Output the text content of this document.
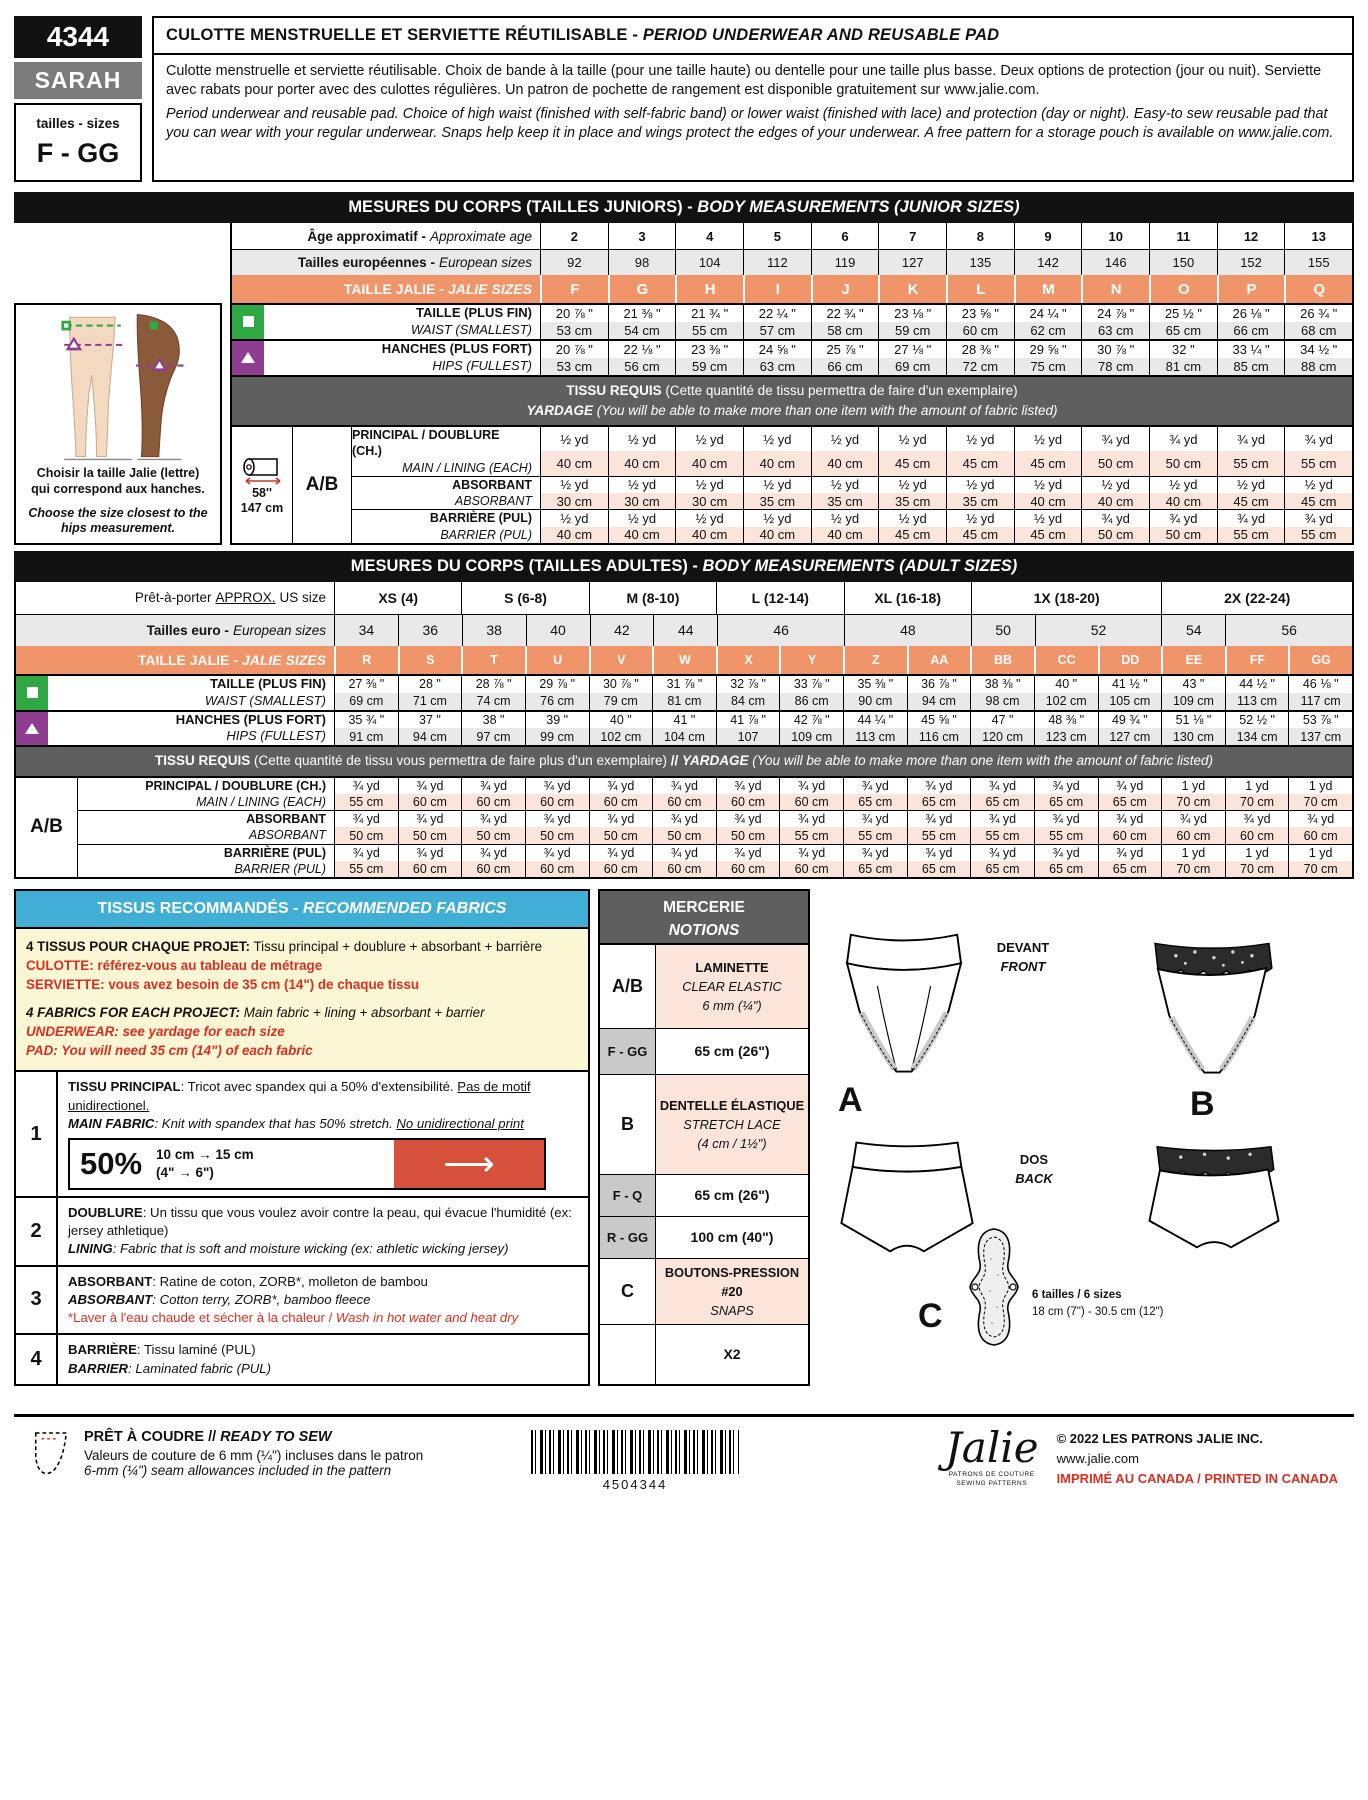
4344
SARAH
tailles - sizes
F - GG
CULOTTE MENSTRUELLE ET SERVIETTE RÉUTILISABLE - PERIOD UNDERWEAR AND REUSABLE PAD
Culotte menstruelle et serviette réutilisable. Choix de bande à la taille (pour une taille haute) ou dentelle pour une taille plus basse. Deux options de protection (jour ou nuit). Serviette avec rabats pour porter avec des culottes régulières. Un patron de pochette de rangement est disponible gratuitement sur www.jalie.com.
Period underwear and reusable pad. Choice of high waist (finished with self-fabric band) or lower waist (finished with lace) and protection (day or night). Easy-to sew reusable pad that you can wear with your regular underwear. Snaps help keep it in place and wings protect the edges of your underwear. A free pattern for a storage pouch is available on www.jalie.com.
MESURES DU CORPS (TAILLES JUNIORS) - BODY MEASUREMENTS (JUNIOR SIZES)
Choisir la taille Jalie (lettre) qui correspond aux hanches.
Choose the size closest to the hips measurement.
Âge approximatif - Approximate age	2	3	4	5	6	7	8	9	10	11	12	13
Tailles européennes - European sizes	92	98	104	112	119	127	135	142	146	150	152	155
TAILLE JALIE - JALIE SIZES	F	G	H	I	J	K	L	M	N	O	P	Q
TAILLE (PLUS FIN)
WAIST (SMALLEST)
20 ⅞ "	21 ⅜ "	21 ¾ "	22 ¼ "	22 ¾ "	23 ⅛ "	23 ⅝ "	24 ¼ "	24 ⅞ "	25 ½ "	26 ⅛ "	26 ¾ "
53 cm	54 cm	55 cm	57 cm	58 cm	59 cm	60 cm	62 cm	63 cm	65 cm	66 cm	68 cm
HANCHES (PLUS FORT)
HIPS (FULLEST)
20 ⅞ "	22 ⅛ "	23 ⅜ "	24 ⅝ "	25 ⅞ "	27 ⅛ "	28 ⅜ "	29 ⅝ "	30 ⅞ "	32 "	33 ¼ "	34 ½ "
53 cm	56 cm	59 cm	63 cm	66 cm	69 cm	72 cm	75 cm	78 cm	81 cm	85 cm	88 cm
TISSU REQUIS (Cette quantité de tissu permettra de faire d'un exemplaire)
YARDAGE (You will be able to make more than one item with the amount of fabric listed)
58''
147 cm
A/B
PRINCIPAL / DOUBLURE (CH.)
MAIN / LINING (EACH)
½ yd	½ yd	½ yd	½ yd	½ yd	½ yd	½ yd	½ yd	¾ yd	¾ yd	¾ yd	¾ yd
40 cm	40 cm	40 cm	40 cm	40 cm	45 cm	45 cm	45 cm	50 cm	50 cm	55 cm	55 cm
ABSORBANT
ABSORBANT
½ yd	½ yd	½ yd	½ yd	½ yd	½ yd	½ yd	½ yd	½ yd	½ yd	½ yd	½ yd
30 cm	30 cm	30 cm	35 cm	35 cm	35 cm	35 cm	40 cm	40 cm	40 cm	45 cm	45 cm
BARRIÈRE (PUL)
BARRIER (PUL)
½ yd	½ yd	½ yd	½ yd	½ yd	½ yd	½ yd	½ yd	¾ yd	¾ yd	¾ yd	¾ yd
40 cm	40 cm	40 cm	40 cm	40 cm	45 cm	45 cm	45 cm	50 cm	50 cm	55 cm	55 cm
MESURES DU CORPS (TAILLES ADULTES) - BODY MEASUREMENTS (ADULT SIZES)
Prêt-à-porter APPROX. US size	XS (4)	S (6-8)	M (8-10)	L (12-14)	XL (16-18)	1X (18-20)	2X (22-24)
Tailles euro - European sizes	34	36	38	40	42	44	46	48	50	52	54	56
TAILLE JALIE - JALIE SIZES	R	S	T	U	V	W	X	Y	Z	AA	BB	CC	DD	EE	FF	GG
TAILLE (PLUS FIN)
WAIST (SMALLEST)
27 ⅜ "	28 "	28 ⅞ "	29 ⅞ "	30 ⅞ "	31 ⅞ "	32 ⅞ "	33 ⅞ "	35 ⅜ "	36 ⅞ "	38 ⅜ "	40 "	41 ½ "	43 "	44 ½ "	46 ⅛ "
69 cm	71 cm	74 cm	76 cm	79 cm	81 cm	84 cm	86 cm	90 cm	94 cm	98 cm	102 cm	105 cm	109 cm	113 cm	117 cm
HANCHES (PLUS FORT)
HIPS (FULLEST)
35 ¾ "	37 "	38 "	39 "	40 "	41 "	41 ⅞ "	42 ⅞ "	44 ¼ "	45 ⅝ "	47 "	48 ⅜ "	49 ¾ "	51 ⅛ "	52 ½ "	53 ⅞ "
91 cm	94 cm	97 cm	99 cm	102 cm	104 cm	107	109 cm	113 cm	116 cm	120 cm	123 cm	127 cm	130 cm	134 cm	137 cm
TISSU REQUIS (Cette quantité de tissu vous permettra de faire plus d'un exemplaire) // YARDAGE (You will be able to make more than one item with the amount of fabric listed)
A/B
PRINCIPAL / DOUBLURE (CH.)
MAIN / LINING (EACH)
¾ yd	¾ yd	¾ yd	¾ yd	¾ yd	¾ yd	¾ yd	¾ yd	¾ yd	¾ yd	¾ yd	¾ yd	¾ yd	1 yd	1 yd	1 yd
55 cm	60 cm	60 cm	60 cm	60 cm	60 cm	60 cm	60 cm	65 cm	65 cm	65 cm	65 cm	65 cm	70 cm	70 cm	70 cm
ABSORBANT
ABSORBANT
¾ yd	¾ yd	¾ yd	¾ yd	¾ yd	¾ yd	¾ yd	¾ yd	¾ yd	¾ yd	¾ yd	¾ yd	¾ yd	¾ yd	¾ yd	¾ yd
50 cm	50 cm	50 cm	50 cm	50 cm	50 cm	50 cm	55 cm	55 cm	55 cm	55 cm	55 cm	60 cm	60 cm	60 cm	60 cm
BARRIÈRE (PUL)
BARRIER (PUL)
¾ yd	¾ yd	¾ yd	¾ yd	¾ yd	¾ yd	¾ yd	¾ yd	¾ yd	¾ yd	¾ yd	¾ yd	¾ yd	1 yd	1 yd	1 yd
55 cm	60 cm	60 cm	60 cm	60 cm	60 cm	60 cm	60 cm	65 cm	65 cm	65 cm	65 cm	65 cm	70 cm	70 cm	70 cm
TISSUS RECOMMANDÉS - RECOMMENDED FABRICS
4 TISSUS POUR CHAQUE PROJET: Tissu principal + doublure + absorbant + barrière
CULOTTE: référez-vous au tableau de métrage
SERVIETTE: vous avez besoin de 35 cm (14") de chaque tissu
4 FABRICS FOR EACH PROJECT: Main fabric + lining + absorbant + barrier
UNDERWEAR: see yardage for each size
PAD: You will need 35 cm (14") of each fabric
1
TISSU PRINCIPAL: Tricot avec spandex qui a 50% d'extensibilité. Pas de motif unidirectionel.
MAIN FABRIC: Knit with spandex that has 50% stretch. No unidirectional print
50%	10 cm → 15 cm
(4" → 6")	⟶
2
DOUBLURE: Un tissu que vous voulez avoir contre la peau, qui évacue l'humidité (ex: jersey athletique)
LINING: Fabric that is soft and moisture wicking (ex: athletic wicking jersey)
3
ABSORBANT: Ratine de coton, ZORB*, molleton de bambou
ABSORBANT: Cotton terry, ZORB*, bamboo fleece
*Laver à l'eau chaude et sécher à la chaleur / Wash in hot water and heat dry
4	BARRIÈRE: Tissu laminé (PUL)
BARRIER: Laminated fabric (PUL)
MERCERIE
NOTIONS
A/B
LAMINETTE
CLEAR ELASTIC
6 mm (¼")
F - GG	65 cm (26")
B
DENTELLE ÉLASTIQUE
STRETCH LACE
(4 cm / 1½")
F - Q	65 cm (26")
R - GG	100 cm (40")
C
BOUTONS-PRESSION
#20
SNAPS
X2
DEVANT
FRONT
A	B
DOS
BACK
C
6 tailles / 6 sizes
18 cm (7") - 30.5 cm (12")
PRÊT À COUDRE // READY TO SEW
Valeurs de couture de 6 mm (¼") incluses dans le patron
6-mm (¼") seam allowances included in the pattern
4504344
Jalie
PATRONS DE COUTURE
SEWING PATTERNS
© 2022 LES PATRONS JALIE INC.
www.jalie.com
IMPRIMÉ AU CANADA / PRINTED IN CANADA
